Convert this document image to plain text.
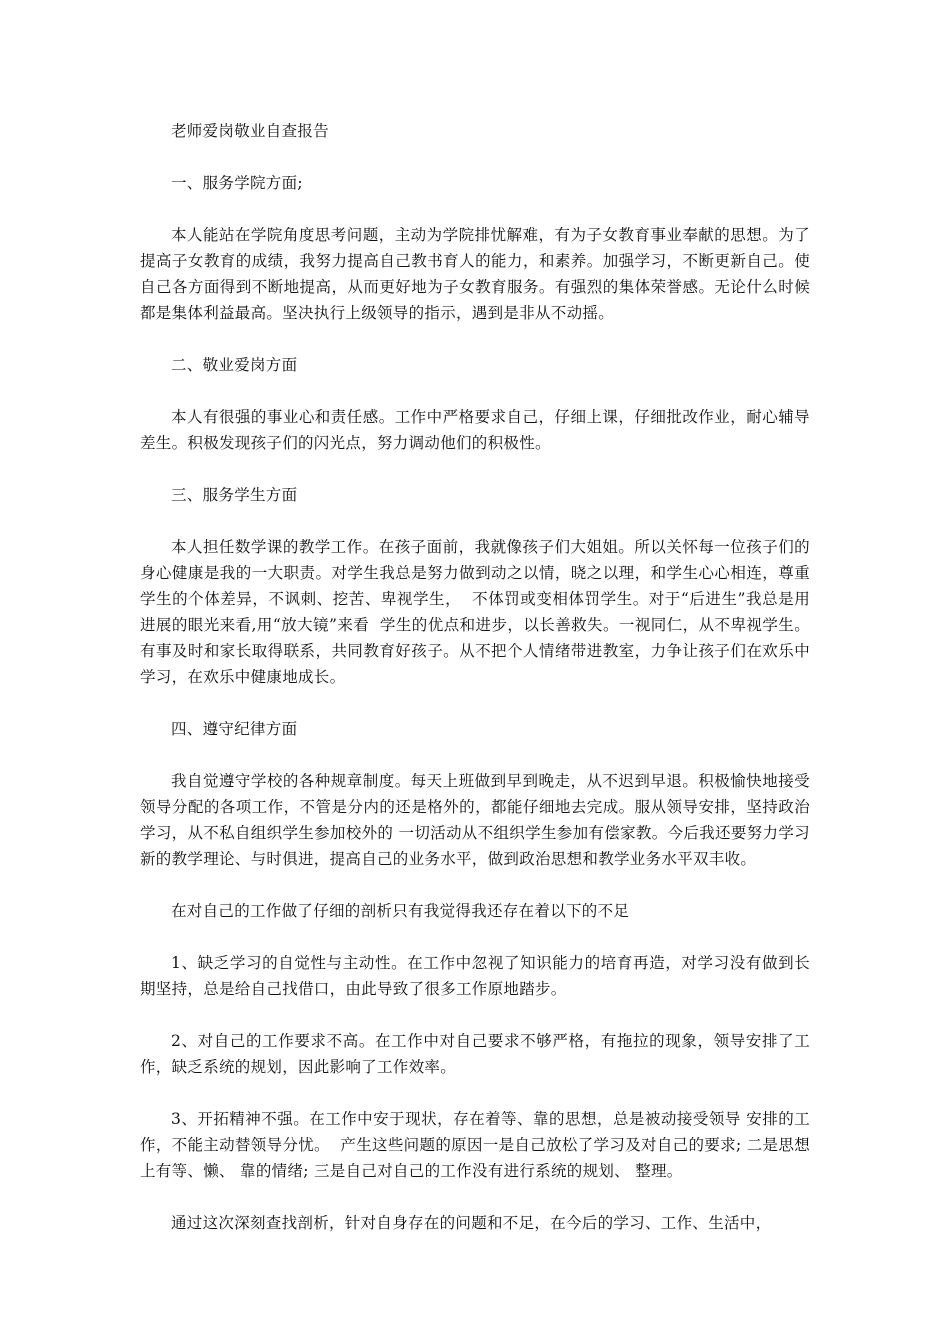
老师爱岗敬业自查报告

一、服务学院方面;

本人能站在学院角度思考问题，主动为学院排忧解难，有为子女教育事业奉献的思想。为了提高子女教育的成绩，我努力提高自己教书育人的能力，和素养。加强学习，不断更新自己。使自己各方面得到不断地提高，从而更好地为子女教育服务。有强烈的集体荣誉感。无论什么时候都是集体利益最高。坚决执行上级领导的指示，遇到是非从不动摇。

二、敬业爱岗方面

本人有很强的事业心和责任感。工作中严格要求自己，仔细上课，仔细批改作业，耐心辅导差生。积极发现孩子们的闪光点，努力调动他们的积极性。

三、服务学生方面

本人担任数学课的教学工作。在孩子面前，我就像孩子们大姐姐。所以关怀每一位孩子们的身心健康是我的一大职责。对学生我总是努力做到动之以情，晓之以理，和学生心心相连，尊重学生的个体差异，不讽刺、挖苦、卑视学生，  不体罚或变相体罚学生。对于“后进生”我总是用进展的眼光来看,用“放大镜”来看  学生的优点和进步，以长善救失。一视同仁，从不卑视学生。有事及时和家长取得联系，共同教育好孩子。从不把个人情绪带进教室，力争让孩子们在欢乐中学习，在欢乐中健康地成长。

四、遵守纪律方面

我自觉遵守学校的各种规章制度。每天上班做到早到晚走，从不迟到早退。积极愉快地接受领导分配的各项工作，不管是分内的还是格外的，都能仔细地去完成。服从领导安排，坚持政治学习，从不私自组织学生参加校外的 一切活动从不组织学生参加有偿家教。今后我还要努力学习新的教学理论、与时俱进，提高自己的业务水平，做到政治思想和教学业务水平双丰收。

在对自己的工作做了仔细的剖析只有我觉得我还存在着以下的不足

1、缺乏学习的自觉性与主动性。在工作中忽视了知识能力的培育再造，对学习没有做到长期坚持，总是给自己找借口，由此导致了很多工作原地踏步。

2、对自己的工作要求不高。在工作中对自己要求不够严格，有拖拉的现象，领导安排了工作，缺乏系统的规划，因此影响了工作效率。

3、开拓精神不强。在工作中安于现状，存在着等、靠的思想，总是被动接受领导 安排的工作，不能主动替领导分忧。  产生这些问题的原因一是自己放松了学习及对自己的要求; 二是思想上有等、懒、 靠的情绪; 三是自己对自己的工作没有进行系统的规划、 整理。

通过这次深刻查找剖析，针对自身存在的问题和不足，在今后的学习、工作、生活中，
